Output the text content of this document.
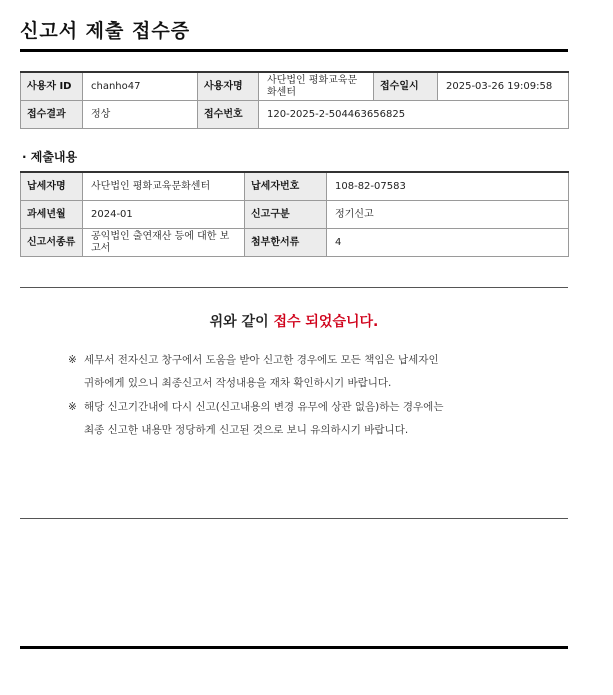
신고서 제출 접수증
사용자 ID	chanho47	사용자명	사단법인 평화교육문화센터	접수일시	2025-03-26 19:09:58
접수결과	정상	접수번호	120-2025-2-504463656825		
· 제출내용
납세자명	사단법인 평화교육문화센터	납세자번호	108-82-07583
과세년월	2024-01	신고구분	정기신고
신고서종류	공익법인 출연재산 등에 대한 보고서	첨부한서류	4
위와 같이 접수 되었습니다.
※ 세무서 전자신고 창구에서 도움을 받아 신고한 경우에도 모든 책임은 납세자인
귀하에게 있으니 최종신고서 작성내용을 재차 확인하시기 바랍니다.
※ 해당 신고기간내에 다시 신고(신고내용의 변경 유무에 상관 없음)하는 경우에는
최종 신고한 내용만 정당하게 신고된 것으로 보니 유의하시기 바랍니다.
